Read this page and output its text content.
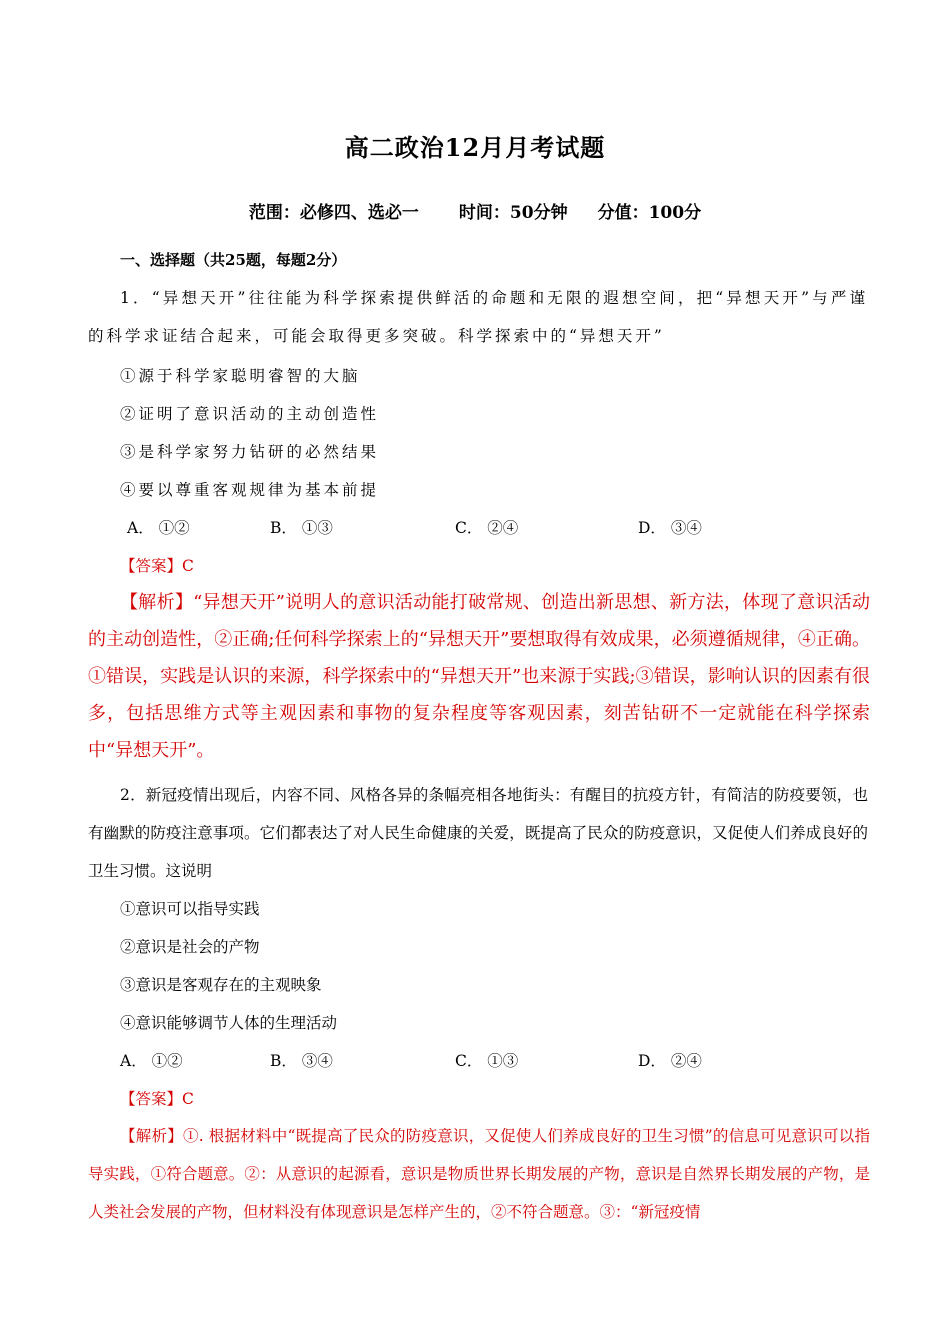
高二政治12月月考试题
范围：必修四、选必一 时间：50分钟 分值：100分
一、选择题（共25题，每题2分）
1．“异想天开”往往能为科学探索提供鲜活的命题和无限的遐想空间，把“异想天开”与严谨的科学求证结合起来，可能会取得更多突破。科学探索中的“异想天开”
①源于科学家聪明睿智的大脑
②证明了意识活动的主动创造性
③是科学家努力钻研的必然结果
④要以尊重客观规律为基本前提
A． ①②	B． ①③	C． ②④	D． ③④
【答案】C
【解析】“异想天开”说明人的意识活动能打破常规、创造出新思想、新方法，体现了意识活动的主动创造性，②正确;任何科学探索上的“异想天开”要想取得有效成果，必须遵循规律，④正确。①错误，实践是认识的来源，科学探索中的“异想天开”也来源于实践;③错误，影响认识的因素有很多，包括思维方式等主观因素和事物的复杂程度等客观因素，刻苦钻研不一定就能在科学探索中“异想天开”。
2．新冠疫情出现后，内容不同、风格各异的条幅亮相各地街头：有醒目的抗疫方针，有简洁的防疫要领，也有幽默的防疫注意事项。它们都表达了对人民生命健康的关爱，既提高了民众的防疫意识，又促使人们养成良好的卫生习惯。这说明
①意识可以指导实践
②意识是社会的产物
③意识是客观存在的主观映象
④意识能够调节人体的生理活动
A． ①②	B． ③④	C． ①③	D． ②④
【答案】C
【解析】①. 根据材料中“既提高了民众的防疫意识，又促使人们养成良好的卫生习惯”的信息可见意识可以指导实践，①符合题意。②：从意识的起源看，意识是物质世界长期发展的产物，意识是自然界长期发展的产物，是人类社会发展的产物，但材料没有体现意识是怎样产生的，②不符合题意。③：“新冠疫情
